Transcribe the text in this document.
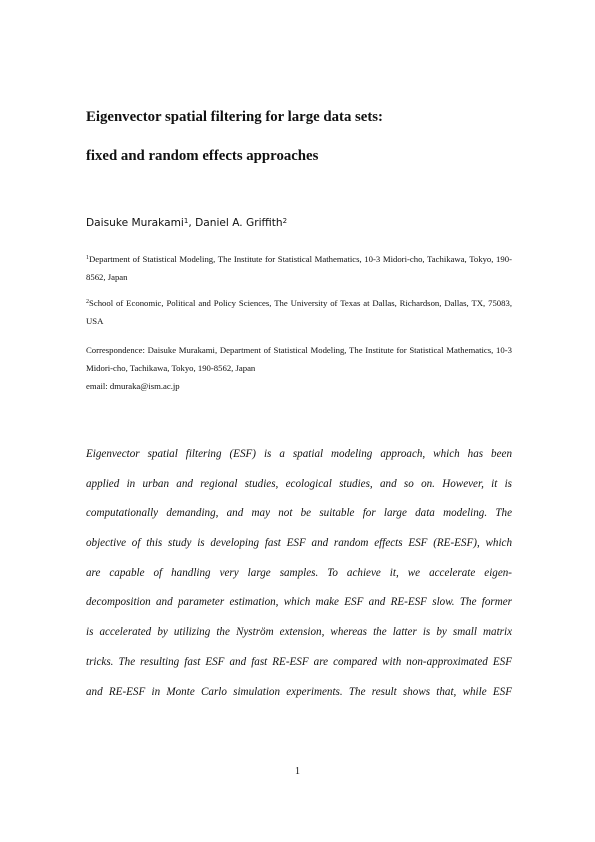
Eigenvector spatial filtering for large data sets:
fixed and random effects approaches
Daisuke Murakami$^1$, Daniel A. Griffith$^2$
$^1$Department of Statistical Modeling, The Institute for Statistical Mathematics, 10-3 Midori-cho, Tachikawa, Tokyo, 190-8562, Japan
$^2$School of Economic, Political and Policy Sciences, The University of Texas at Dallas, Richardson, Dallas, TX, 75083, USA
Correspondence: Daisuke Murakami, Department of Statistical Modeling, The Institute for Statistical Mathematics, 10-3 Midori-cho, Tachikawa, Tokyo, 190-8562, Japan
email: dmuraka@ism.ac.jp
Eigenvector spatial filtering (ESF) is a spatial modeling approach, which has been
applied in urban and regional studies, ecological studies, and so on. However, it is
computationally demanding, and may not be suitable for large data modeling. The
objective of this study is developing fast ESF and random effects ESF (RE-ESF), which
are capable of handling very large samples. To achieve it, we accelerate eigen-
decomposition and parameter estimation, which make ESF and RE-ESF slow. The former
is accelerated by utilizing the Nyström extension, whereas the latter is by small matrix
tricks. The resulting fast ESF and fast RE-ESF are compared with non-approximated ESF
and RE-ESF in Monte Carlo simulation experiments. The result shows that, while ESF
1
